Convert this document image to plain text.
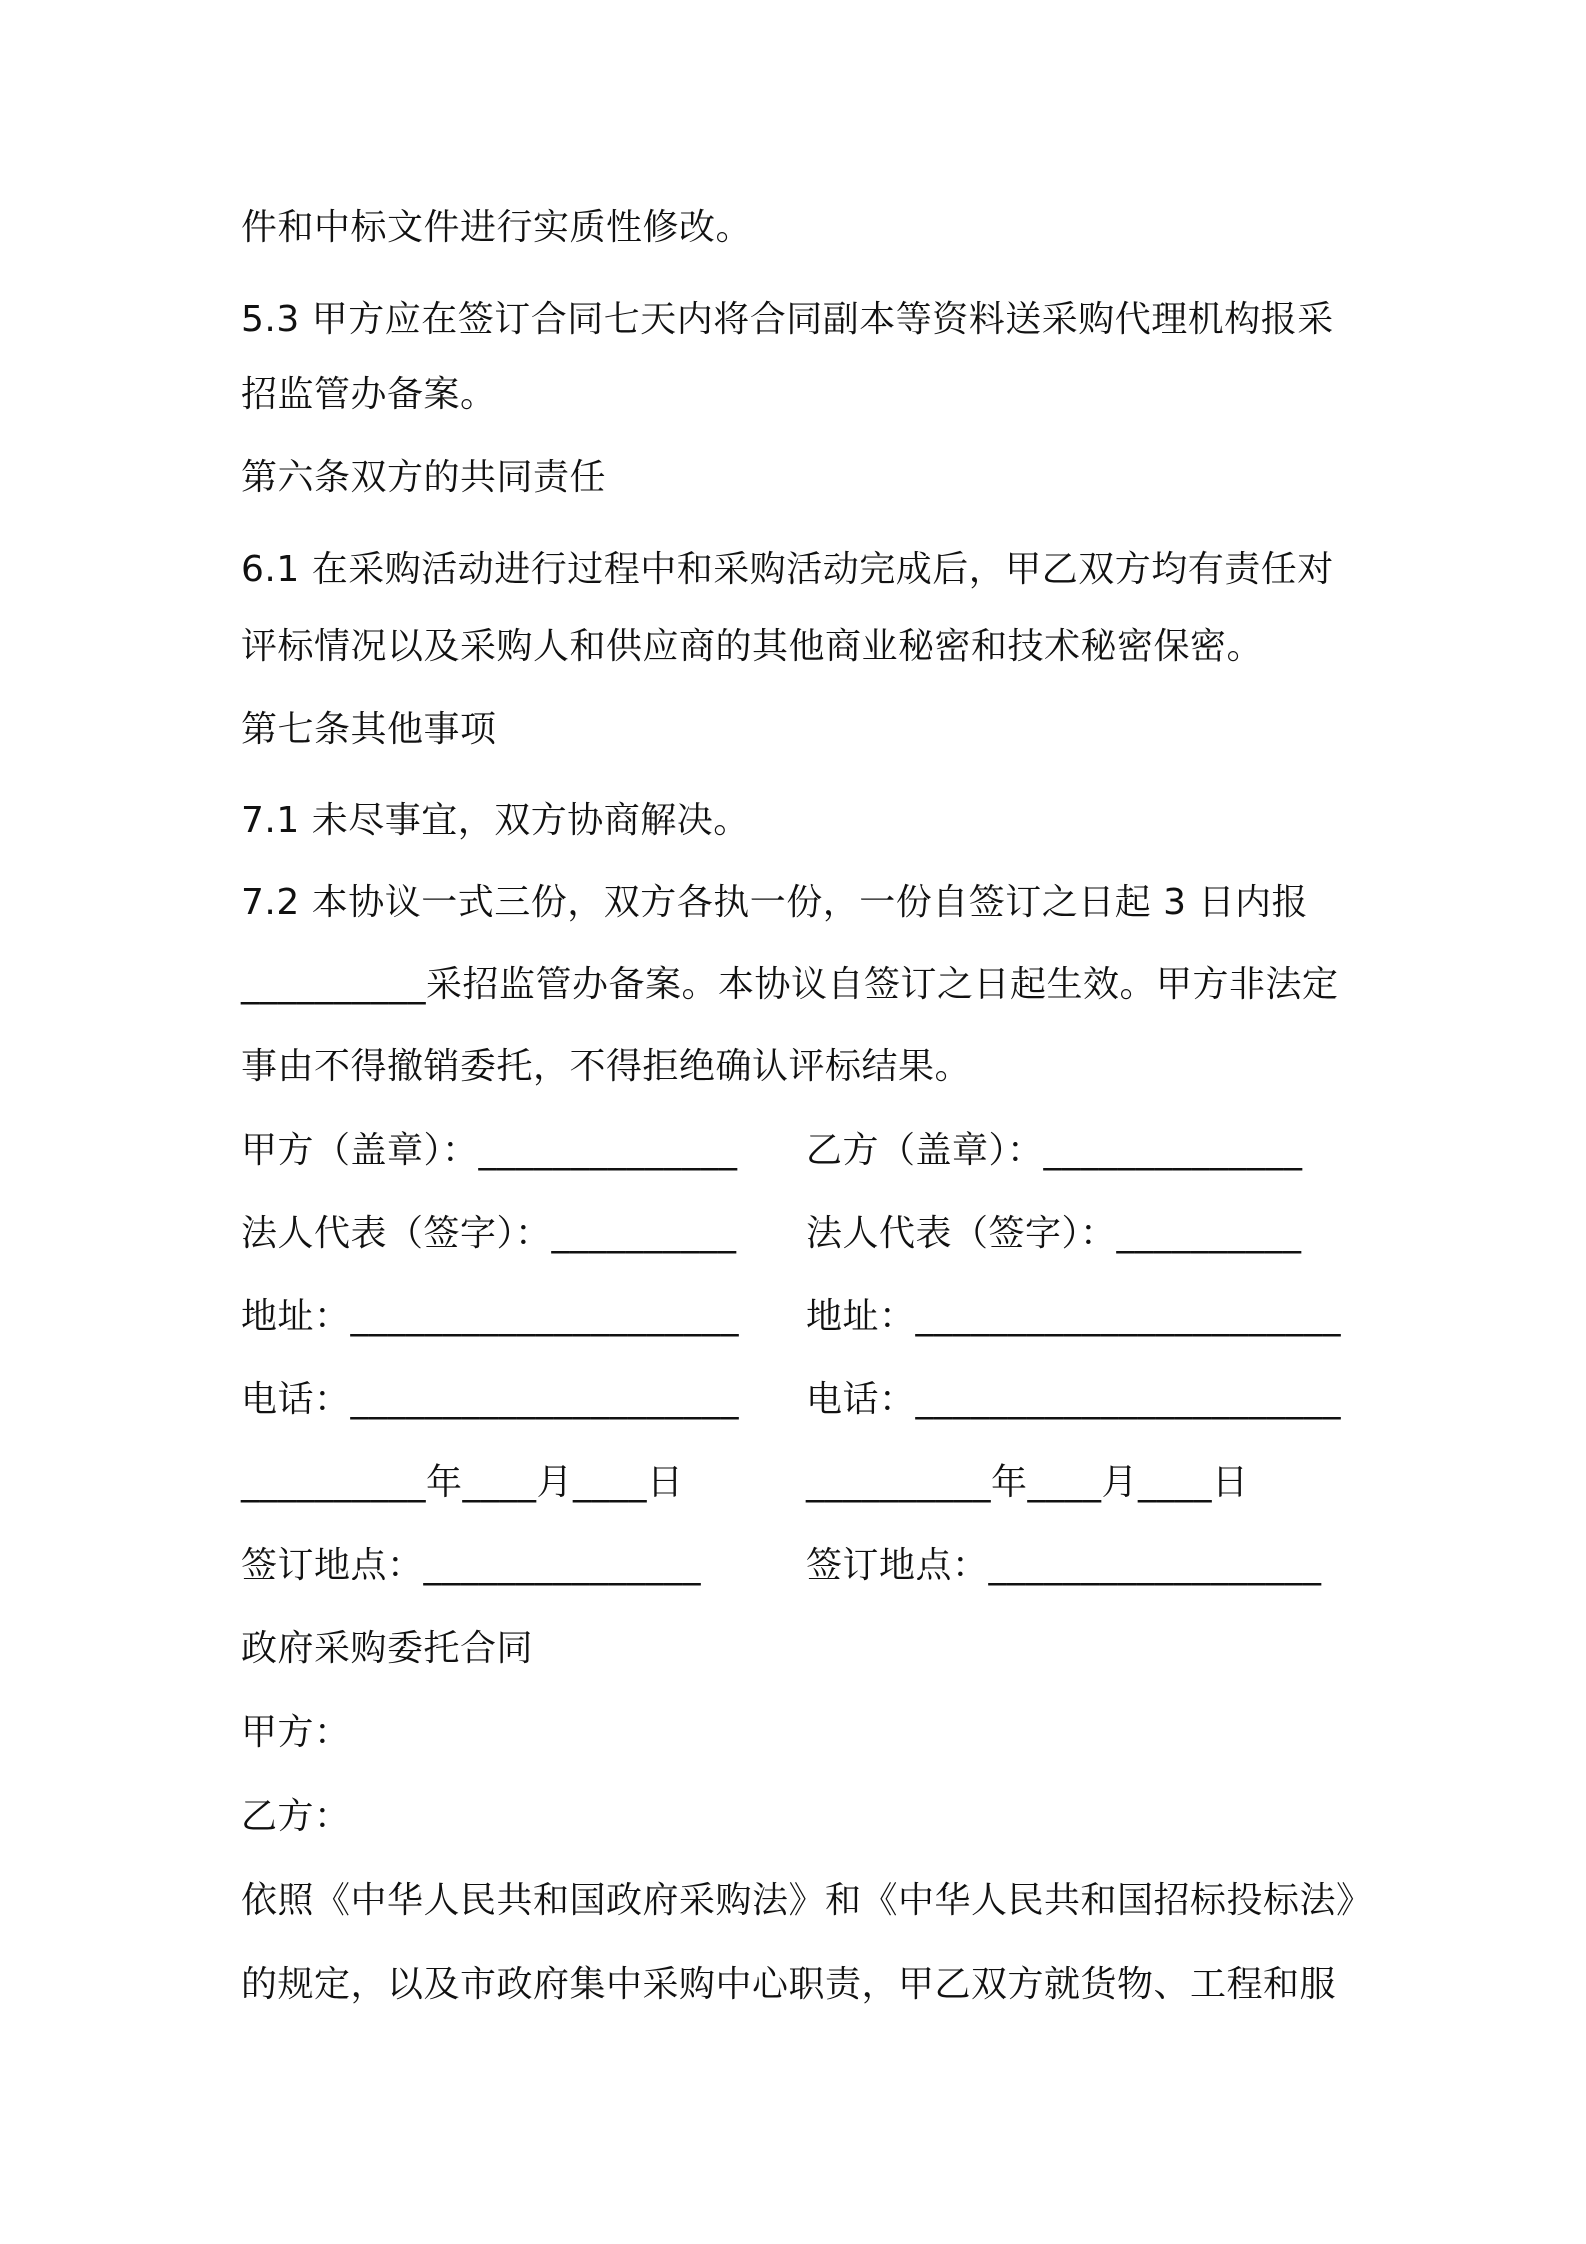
件和中标文件进行实质性修改。
5.3 甲方应在签订合同七天内将合同副本等资料送采购代理机构报采
招监管办备案。
第六条双方的共同责任
6.1 在采购活动进行过程中和采购活动完成后，甲乙双方均有责任对
评标情况以及采购人和供应商的其他商业秘密和技术秘密保密。
第七条其他事项
7.1 未尽事宜，双方协商解决。
7.2 本协议一式三份，双方各执一份，一份自签订之日起 3 日内报
__________采招监管办备案。本协议自签订之日起生效。甲方非法定
事由不得撤销委托，不得拒绝确认评标结果。
甲方（盖章）：______________	乙方（盖章）：______________
法人代表（签字）：__________	法人代表（签字）：__________
地址：_____________________	地址：_______________________
电话：_____________________	电话：_______________________
__________年____月____日	__________年____月____日
签订地点：_______________	签订地点：__________________
政府采购委托合同
甲方：
乙方：
依照《中华人民共和国政府采购法》和《中华人民共和国招标投标法》
的规定，以及市政府集中采购中心职责，甲乙双方就货物、工程和服
